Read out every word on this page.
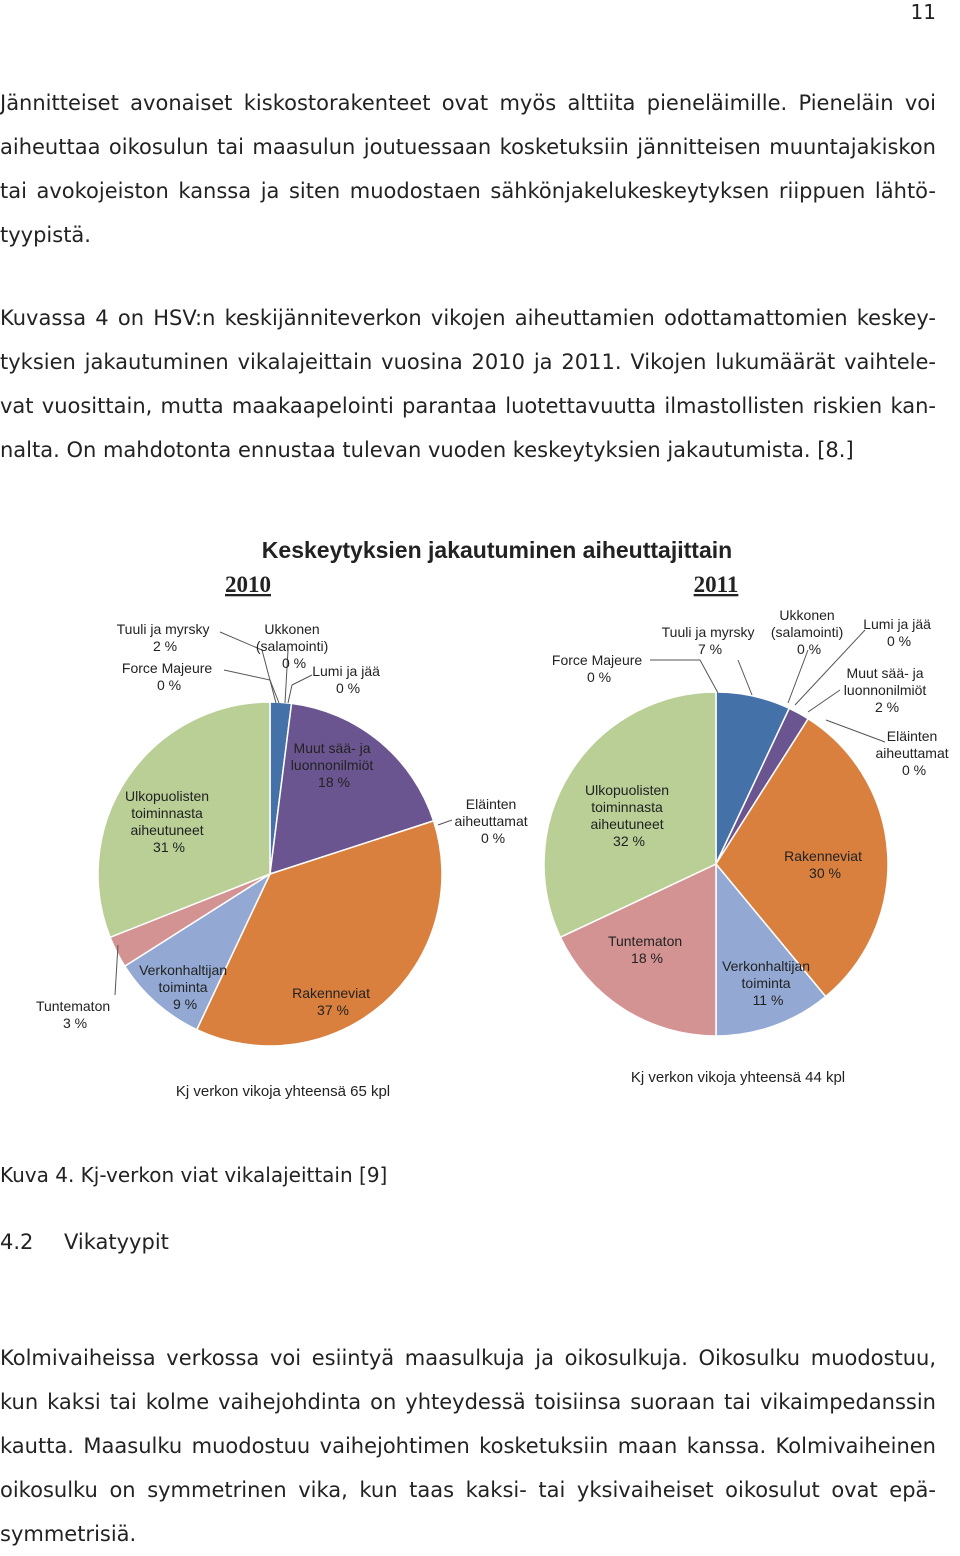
11

Jännitteiset avonaiset kiskostorakenteet ovat myös alttiita pieneläimille. Pieneläin voi aiheuttaa oikosulun tai maasulun joutuessaan kosketuksiin jännitteisen muuntajakiskon tai avokojeiston kanssa ja siten muodostaen sähkönjakelukeskeytyksen riippuen lähtö-tyypistä.

Kuvassa 4 on HSV:n keskijänniteverkon vikojen aiheuttamien odottamattomien keskey-tyksien jakautuminen vikalajeittain vuosina 2010 ja 2011. Vikojen lukumäärät vaihtele-vat vuosittain, mutta maakaapelointi parantaa luotettavuutta ilmastollisten riskien kan-nalta. On mahdotonta ennustaa tulevan vuoden keskeytyksien jakautumista. [8.]

Keskeytyksien jakautuminen aiheuttajittain
2010	2011
Tuuli ja myrsky 2 %
Ukkonen (salamointi) 0 %
Force Majeure 0 %
Lumi ja jää 0 %
Muut sää- ja luonnonilmiöt 18 %
Eläinten aiheuttamat 0 %
Ulkopuolisten toiminnasta aiheutuneet 31 %
Verkonhaltijan toiminta 9 %
Rakenneviat 37 %
Tuntematon 3 %
Ukkonen (salamointi) 0 %
Lumi ja jää 0 %
Tuuli ja myrsky 7 %
Force Majeure 0 %	Muut sää- ja luonnonilmiöt 2 %
Eläinten aiheuttamat 0 %
Ulkopuolisten toiminnasta aiheutuneet 32 %
Rakenneviat 30 %
Tuntematon 18 %	Verkonhaltijan toiminta 11 %
Kj verkon vikoja yhteensä 65 kpl
Kj verkon vikoja yhteensä 44 kpl
Kuva 4. Kj-verkon viat vikalajeittain [9]
4.2 Vikatyypit

Kolmivaiheissa verkossa voi esiintyä maasulkuja ja oikosulkuja. Oikosulku muodostuu, kun kaksi tai kolme vaihejohdinta on yhteydessä toisiinsa suoraan tai vikaimpedanssin kautta. Maasulku muodostuu vaihejohtimen kosketuksiin maan kanssa. Kolmivaiheinen oikosulku on symmetrinen vika, kun taas kaksi- tai yksivaiheiset oikosulut ovat epä-symmetrisiä.
